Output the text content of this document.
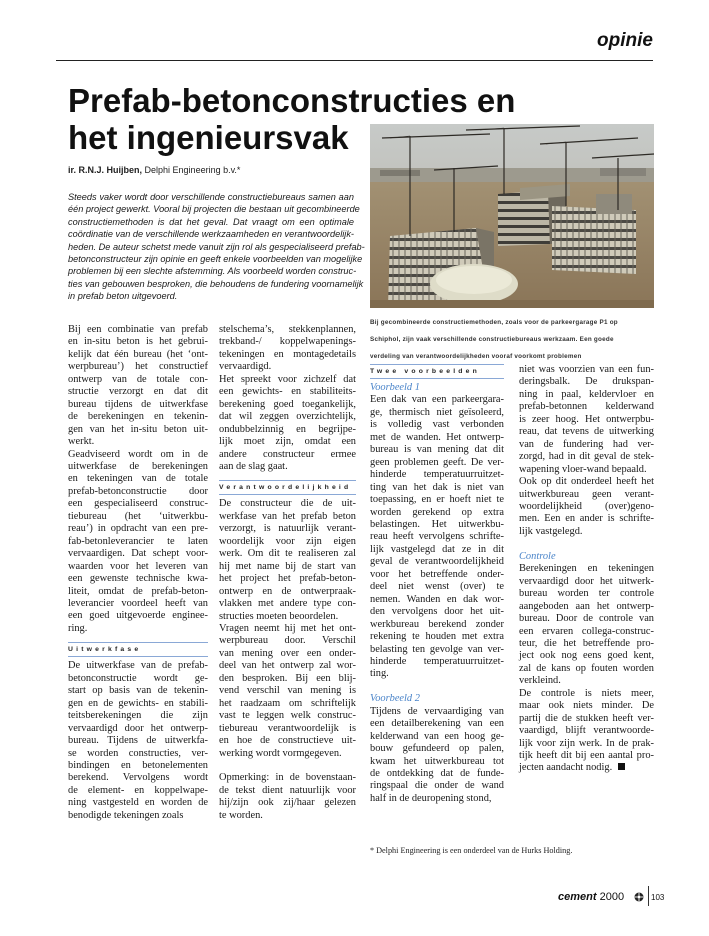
opinie
Prefab-betonconstructies en
het ingenieursvak
ir. R.N.J. Huijben, Delphi Engineering b.v.*

Steeds vaker wordt door verschillende constructiebureaus samen aan
één project gewerkt. Vooral bij projecten die bestaan uit gecombineerde
constructiemethoden is dat het geval. Dat vraagt om een optimale
coördinatie van de verschillende werkzaamheden en verantwoordelijk-
heden. De auteur schetst mede vanuit zijn rol als gespecialiseerd prefab-
betonconstructeur zijn opinie en geeft enkele voorbeelden van mogelijke
problemen bij een slechte afstemming. Als voorbeeld worden construc-
ties van gebouwen besproken, die behoudens de fundering voornamelijk
in prefab beton uitgevoerd.

Bij gecombineerde constructiemethoden, zoals voor de parkeergarage P1 op
Schiphol, zijn vaak verschillende constructiebureaus werkzaam. Een goede
verdeling van verantwoordelijkheden vooraf voorkomt problemen

Bij een combinatie van prefab
en in-situ beton is het gebrui-
kelijk dat één bureau (het ‘ont-
werpbureau’) het constructief
ontwerp van de totale con-
structie verzorgt en dat dit
bureau tijdens de uitwerkfase
de berekeningen en tekenin-
gen van het in-situ beton uit-
werkt.
Geadviseerd wordt om in de
uitwerkfase de berekeningen
en tekeningen van de totale
prefab-betonconstructie door
een gespecialiseerd construc-
tiebureau (het ‘uitwerkbu-
reau’) in opdracht van een pre-
fab-betonleverancier te laten
vervaardigen. Dat schept voor-
waarden voor het leveren van
een gewenste technische kwa-
liteit, omdat de prefab-beton-
leverancier voordeel heeft van
een goed uitgevoerde enginee-
ring.

Uitwerkfase

De uitwerkfase van de prefab-
betonconstructie wordt ge-
start op basis van de tekenin-
gen en de gewichts- en stabili-
teitsberekeningen die zijn
vervaardigd door het ontwerp-
bureau. Tijdens de uitwerkfa-
se worden constructies, ver-
bindingen en betonelementen
berekend. Vervolgens wordt
de element- en koppelwape-
ning vastgesteld en worden de
benodigde tekeningen zoals

stelschema’s, stekkenplannen,
trekband-/ koppelwapenings-
tekeningen en montagedetails
vervaardigd.
Het spreekt voor zichzelf dat
een gewichts- en stabiliteits-
berekening goed toegankelijk,
dat wil zeggen overzichtelijk,
ondubbelzinnig en begrijpe-
lijk moet zijn, omdat een
andere constructeur ermee
aan de slag gaat.

Verantwoordelijkheid

De constructeur die de uit-
werkfase van het prefab beton
verzorgt, is natuurlijk verant-
woordelijk voor zijn eigen
werk. Om dit te realiseren zal
hij met name bij de start van
het project het prefab-beton-
ontwerp en de ontwerpraak-
vlakken met andere type con-
structies moeten beoordelen.
Vragen neemt hij met het ont-
werpbureau door. Verschil
van mening over een onder-
deel van het ontwerp zal wor-
den besproken. Bij een blij-
vend verschil van mening is
het raadzaam om schriftelijk
vast te leggen welk construc-
tiebureau verantwoordelijk is
en hoe de constructieve uit-
werking wordt vormgegeven.

Opmerking: in de bovenstaan-
de tekst dient natuurlijk voor
hij/zijn ook zij/haar gelezen
te worden.

Twee voorbeelden
Voorbeeld 1

Een dak van een parkeergara-
ge, thermisch niet geïsoleerd,
is volledig vast verbonden
met de wanden. Het ontwerp-
bureau is van mening dat dit
geen problemen geeft. De ver-
hinderde temperatuurruitzet-
ting van het dak is niet van
toepassing, en er hoeft niet te
worden gerekend op extra
belastingen. Het uitwerkbu-
reau heeft vervolgens schrifte-
lijk vastgelegd dat ze in dit
geval de verantwoordelijkheid
voor het betreffende onder-
deel niet wenst (over) te
nemen. Wanden en dak wor-
den vervolgens door het uit-
werkbureau berekend zonder
rekening te houden met extra
belasting ten gevolge van ver-
hinderde temperatuurruitzet-
ting.

Voorbeeld 2

Tijdens de vervaardiging van
een detailberekening van een
kelderwand van een hoog ge-
bouw gefundeerd op palen,
kwam het uitwerkbureau tot
de ontdekking dat de funde-
ringspaal die onder de wand
half in de deuropening stond,

niet was voorzien van een fun-
deringsbalk. De drukspan-
ning in paal, keldervloer en
prefab-betonnen kelderwand
is zeer hoog. Het ontwerpbu-
reau, dat tevens de uitwerking
van de fundering had ver-
zorgd, had in dit geval de stek-
wapening vloer-wand bepaald.
Ook op dit onderdeel heeft het
uitwerkbureau geen verant-
woordelijkheid (over)geno-
men. Een en ander is schrifte-
lijk vastgelegd.

Controle

Berekeningen en tekeningen
vervaardigd door het uitwerk-
bureau worden ter controle
aangeboden aan het ontwerp-
bureau. Door de controle van
een ervaren collega-construc-
teur, die het betreffende pro-
ject ook nog eens goed kent,
zal de kans op fouten worden
verkleind.
De controle is niets meer,
maar ook niets minder. De
partij die de stukken heeft ver-
vaardigd, blijft verantwoorde-
lijk voor zijn werk. In de prak-
tijk heeft dit bij een aantal pro-
jecten aandacht nodig.

* Delphi Engineering is een onderdeel van de Hurks Holding.
cement 2000	103
